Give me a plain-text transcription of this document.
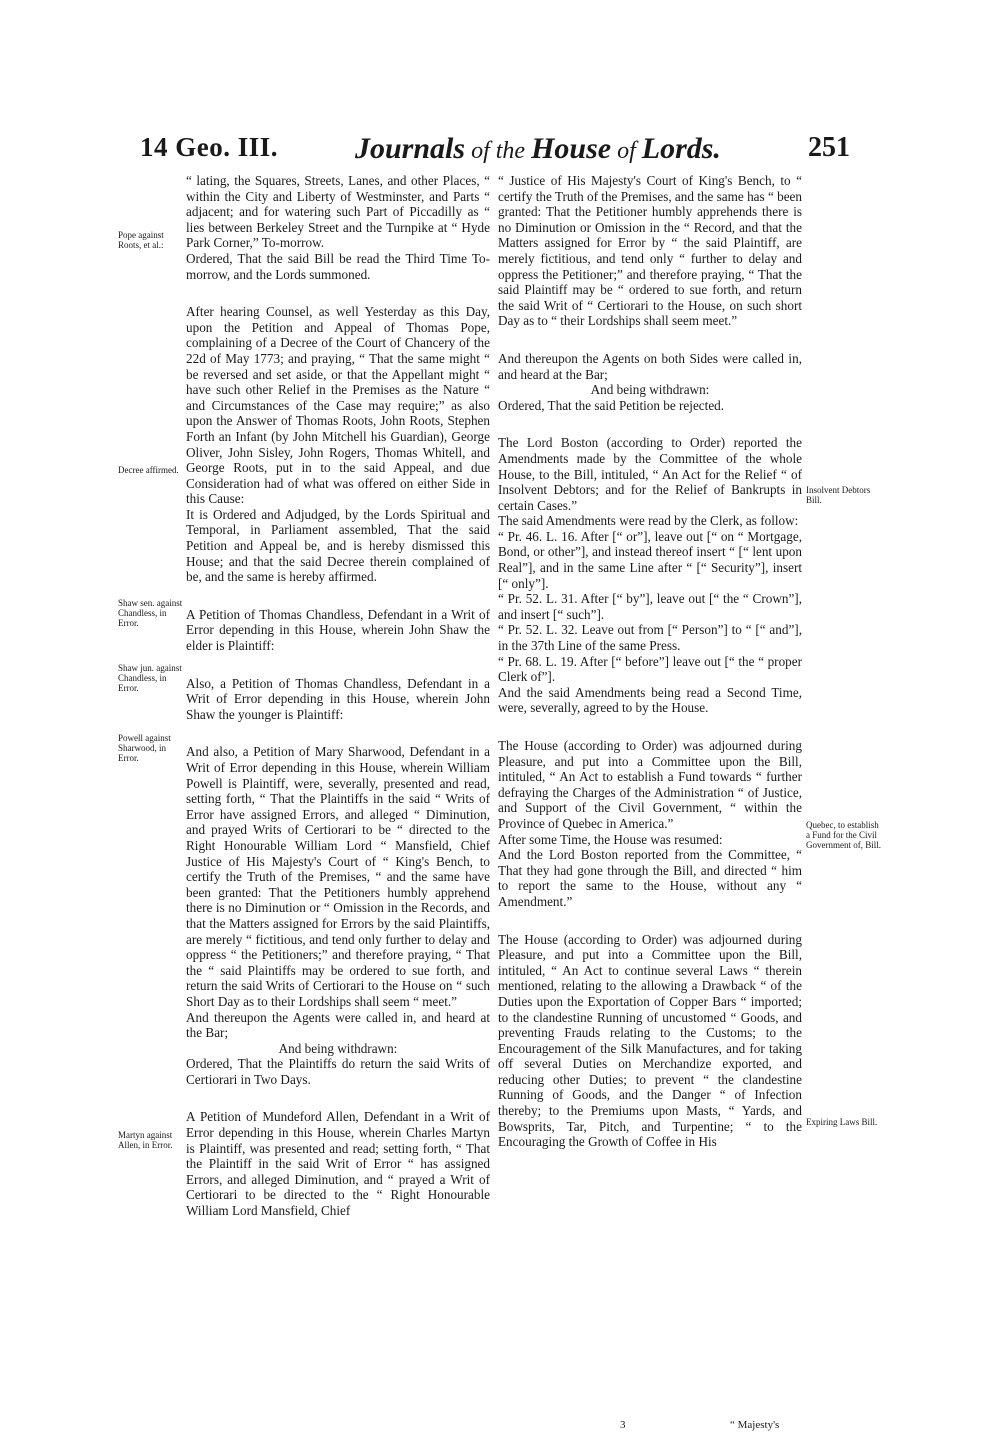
14 Geo. III.	Journals of the House of Lords.	251

“ lating, the Squares, Streets, Lanes, and other Places, “ within the City and Liberty of Westminster, and Parts “ adjacent; and for watering such Part of Piccadilly as “ lies between Berkeley Street and the Turnpike at “ Hyde Park Corner,” To-morrow.

Ordered, That the said Bill be read the Third Time To-morrow, and the Lords summoned.

After hearing Counsel, as well Yesterday as this Day, upon the Petition and Appeal of Thomas Pope, complaining of a Decree of the Court of Chancery of the 22d of May 1773; and praying, “ That the same might “ be reversed and set aside, or that the Appellant might “ have such other Relief in the Premises as the Nature “ and Circumstances of the Case may require;” as also upon the Answer of Thomas Roots, John Roots, Stephen Forth an Infant (by John Mitchell his Guardian), George Oliver, John Sisley, John Rogers, Thomas Whitell, and George Roots, put in to the said Appeal, and due Consideration had of what was offered on either Side in this Cause:

It is Ordered and Adjudged, by the Lords Spiritual and Temporal, in Parliament assembled, That the said Petition and Appeal be, and is hereby dismissed this House; and that the said Decree therein complained of be, and the same is hereby affirmed.

A Petition of Thomas Chandless, Defendant in a Writ of Error depending in this House, wherein John Shaw the elder is Plaintiff:

Also, a Petition of Thomas Chandless, Defendant in a Writ of Error depending in this House, wherein John Shaw the younger is Plaintiff:

And also, a Petition of Mary Sharwood, Defendant in a Writ of Error depending in this House, wherein William Powell is Plaintiff, were, severally, presented and read, setting forth, “ That the Plaintiffs in the said “ Writs of Error have assigned Errors, and alleged “ Diminution, and prayed Writs of Certiorari to be “ directed to the Right Honourable William Lord “ Mansfield, Chief Justice of His Majesty's Court of “ King's Bench, to certify the Truth of the Premises, “ and the same have been granted: That the Petitioners humbly apprehend there is no Diminution or “ Omission in the Records, and that the Matters assigned for Errors by the said Plaintiffs, are merely “ fictitious, and tend only further to delay and oppress “ the Petitioners;” and therefore praying, “ That the “ said Plaintiffs may be ordered to sue forth, and return the said Writs of Certiorari to the House on “ such Short Day as to their Lordships shall seem “ meet.”

And thereupon the Agents were called in, and heard at the Bar;

And being withdrawn:

Ordered, That the Plaintiffs do return the said Writs of Certiorari in Two Days.

A Petition of Mundeford Allen, Defendant in a Writ of Error depending in this House, wherein Charles Martyn is Plaintiff, was presented and read; setting forth, “ That the Plaintiff in the said Writ of Error “ has assigned Errors, and alleged Diminution, and “ prayed a Writ of Certiorari to be directed to the “ Right Honourable William Lord Mansfield, Chief

“ Justice of His Majesty's Court of King's Bench, to “ certify the Truth of the Premises, and the same has “ been granted: That the Petitioner humbly apprehends there is no Diminution or Omission in the “ Record, and that the Matters assigned for Error by “ the said Plaintiff, are merely fictitious, and tend only “ further to delay and oppress the Petitioner;” and therefore praying, “ That the said Plaintiff may be “ ordered to sue forth, and return the said Writ of “ Certiorari to the House, on such short Day as to “ their Lordships shall seem meet.”

And thereupon the Agents on both Sides were called in, and heard at the Bar;

And being withdrawn:

Ordered, That the said Petition be rejected.

The Lord Boston (according to Order) reported the Amendments made by the Committee of the whole House, to the Bill, intituled, “ An Act for the Relief “ of Insolvent Debtors; and for the Relief of Bankrupts in certain Cases.”

The said Amendments were read by the Clerk, as follow:

“ Pr. 46. L. 16. After [“ or”], leave out [“ on “ Mortgage, Bond, or other”], and instead thereof insert “ [“ lent upon Real”], and in the same Line after “ [“ Security”], insert [“ only”].

“ Pr. 52. L. 31. After [“ by”], leave out [“ the “ Crown”], and insert [“ such”].

“ Pr. 52. L. 32. Leave out from [“ Person”] to “ [“ and”], in the 37th Line of the same Press.

“ Pr. 68. L. 19. After [“ before”] leave out [“ the “ proper Clerk of”].

And the said Amendments being read a Second Time, were, severally, agreed to by the House.

The House (according to Order) was adjourned during Pleasure, and put into a Committee upon the Bill, intituled, “ An Act to establish a Fund towards “ further defraying the Charges of the Administration “ of Justice, and Support of the Civil Government, “ within the Province of Quebec in America.”

After some Time, the House was resumed:

And the Lord Boston reported from the Committee, “ That they had gone through the Bill, and directed “ him to report the same to the House, without any “ Amendment.”

The House (according to Order) was adjourned during Pleasure, and put into a Committee upon the Bill, intituled, “ An Act to continue several Laws “ therein mentioned, relating to the allowing a Drawback “ of the Duties upon the Exportation of Copper Bars “ imported; to the clandestine Running of uncustomed “ Goods, and preventing Frauds relating to the Customs; to the Encouragement of the Silk Manufactures, and for taking off several Duties on Merchandize exported, and reducing other Duties; to prevent “ the clandestine Running of Goods, and the Danger “ of Infection thereby; to the Premiums upon Masts, “ Yards, and Bowsprits, Tar, Pitch, and Turpentine; “ to the Encouraging the Growth of Coffee in His

Pope against Roots, et al.:
Decree affirmed.
Shaw sen. against Chandless, in Error.
Shaw jun. against Chandless, in Error.
Powell against Sharwood, in Error.
Martyn against Allen, in Error.
Insolvent Debtors Bill.
Quebec, to establish a Fund for the Civil Government of, Bill.
Expiring Laws Bill.
3	“ Majesty's
